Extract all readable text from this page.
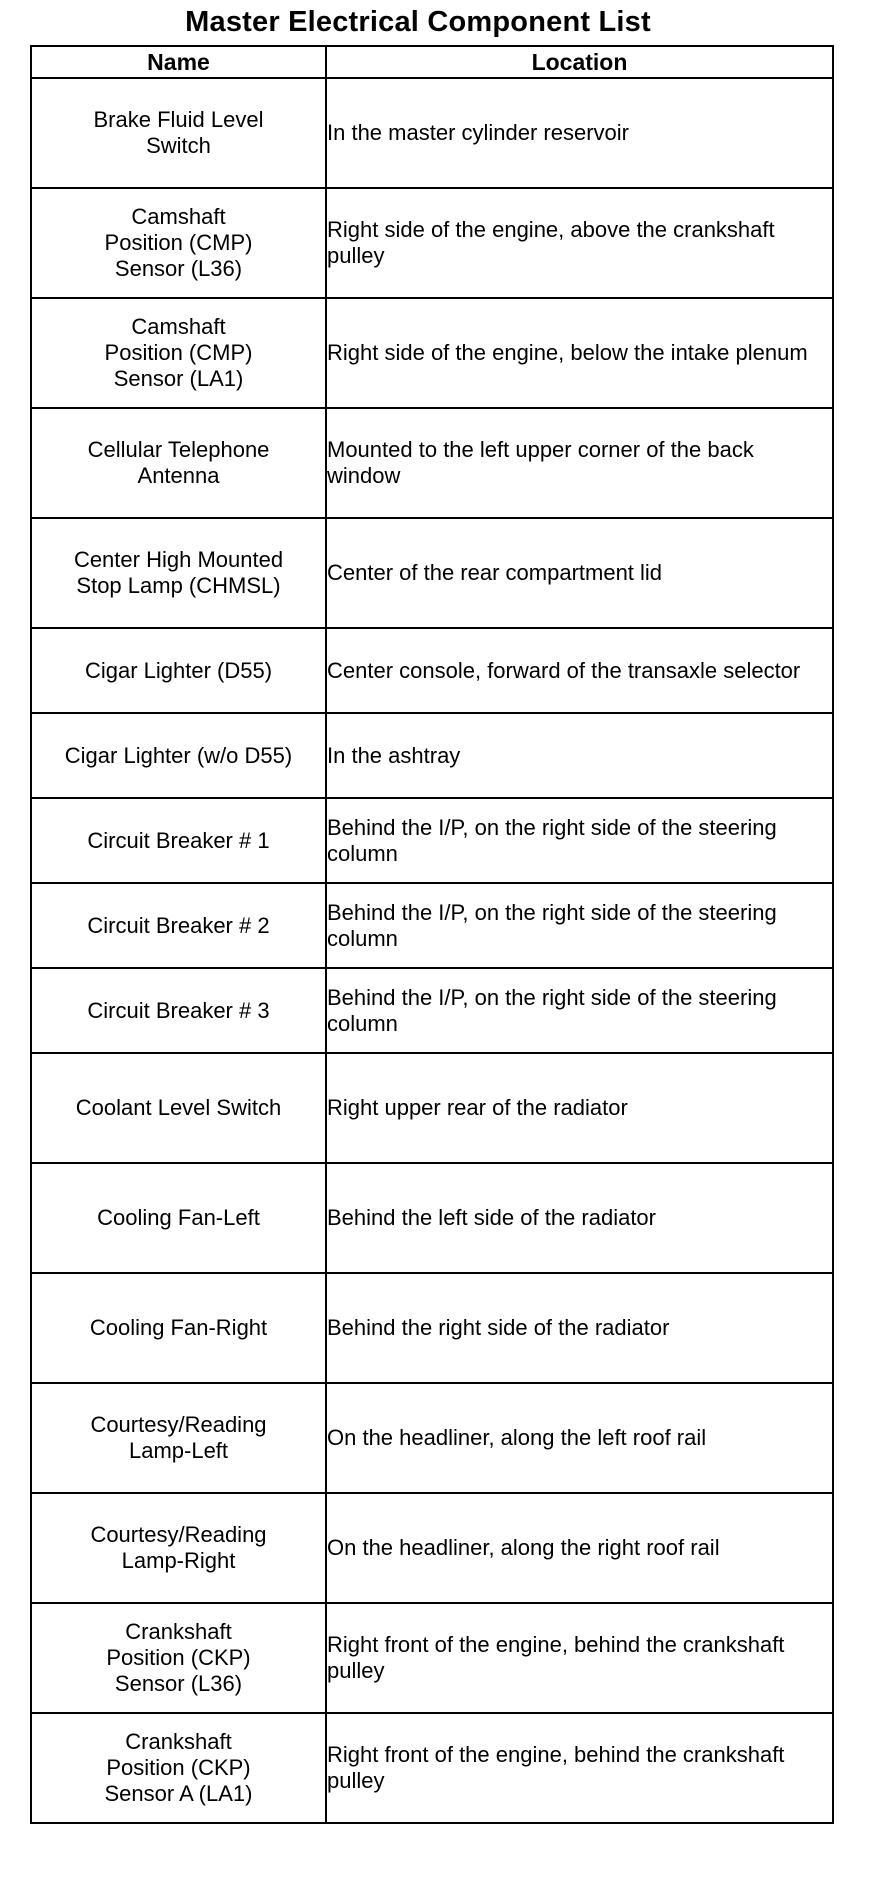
Master Electrical Component List
Name	Location
Brake Fluid Level
Switch	In the master cylinder reservoir
Camshaft
Position (CMP)
Sensor (L36)	Right side of the engine, above the crankshaft pulley
Camshaft
Position (CMP)
Sensor (LA1)	Right side of the engine, below the intake plenum
Cellular Telephone
Antenna	Mounted to the left upper corner of the back window
Center High Mounted
Stop Lamp (CHMSL)	Center of the rear compartment lid
Cigar Lighter (D55)	Center console, forward of the transaxle selector
Cigar Lighter (w/o D55)	In the ashtray
Circuit Breaker # 1	Behind the I/P, on the right side of the steering column
Circuit Breaker # 2	Behind the I/P, on the right side of the steering column
Circuit Breaker # 3	Behind the I/P, on the right side of the steering column
Coolant Level Switch	Right upper rear of the radiator
Cooling Fan-Left	Behind the left side of the radiator
Cooling Fan-Right	Behind the right side of the radiator
Courtesy/Reading
Lamp-Left	On the headliner, along the left roof rail
Courtesy/Reading
Lamp-Right	On the headliner, along the right roof rail
Crankshaft
Position (CKP)
Sensor (L36)	Right front of the engine, behind the crankshaft pulley
Crankshaft
Position (CKP)
Sensor A (LA1)	Right front of the engine, behind the crankshaft pulley
